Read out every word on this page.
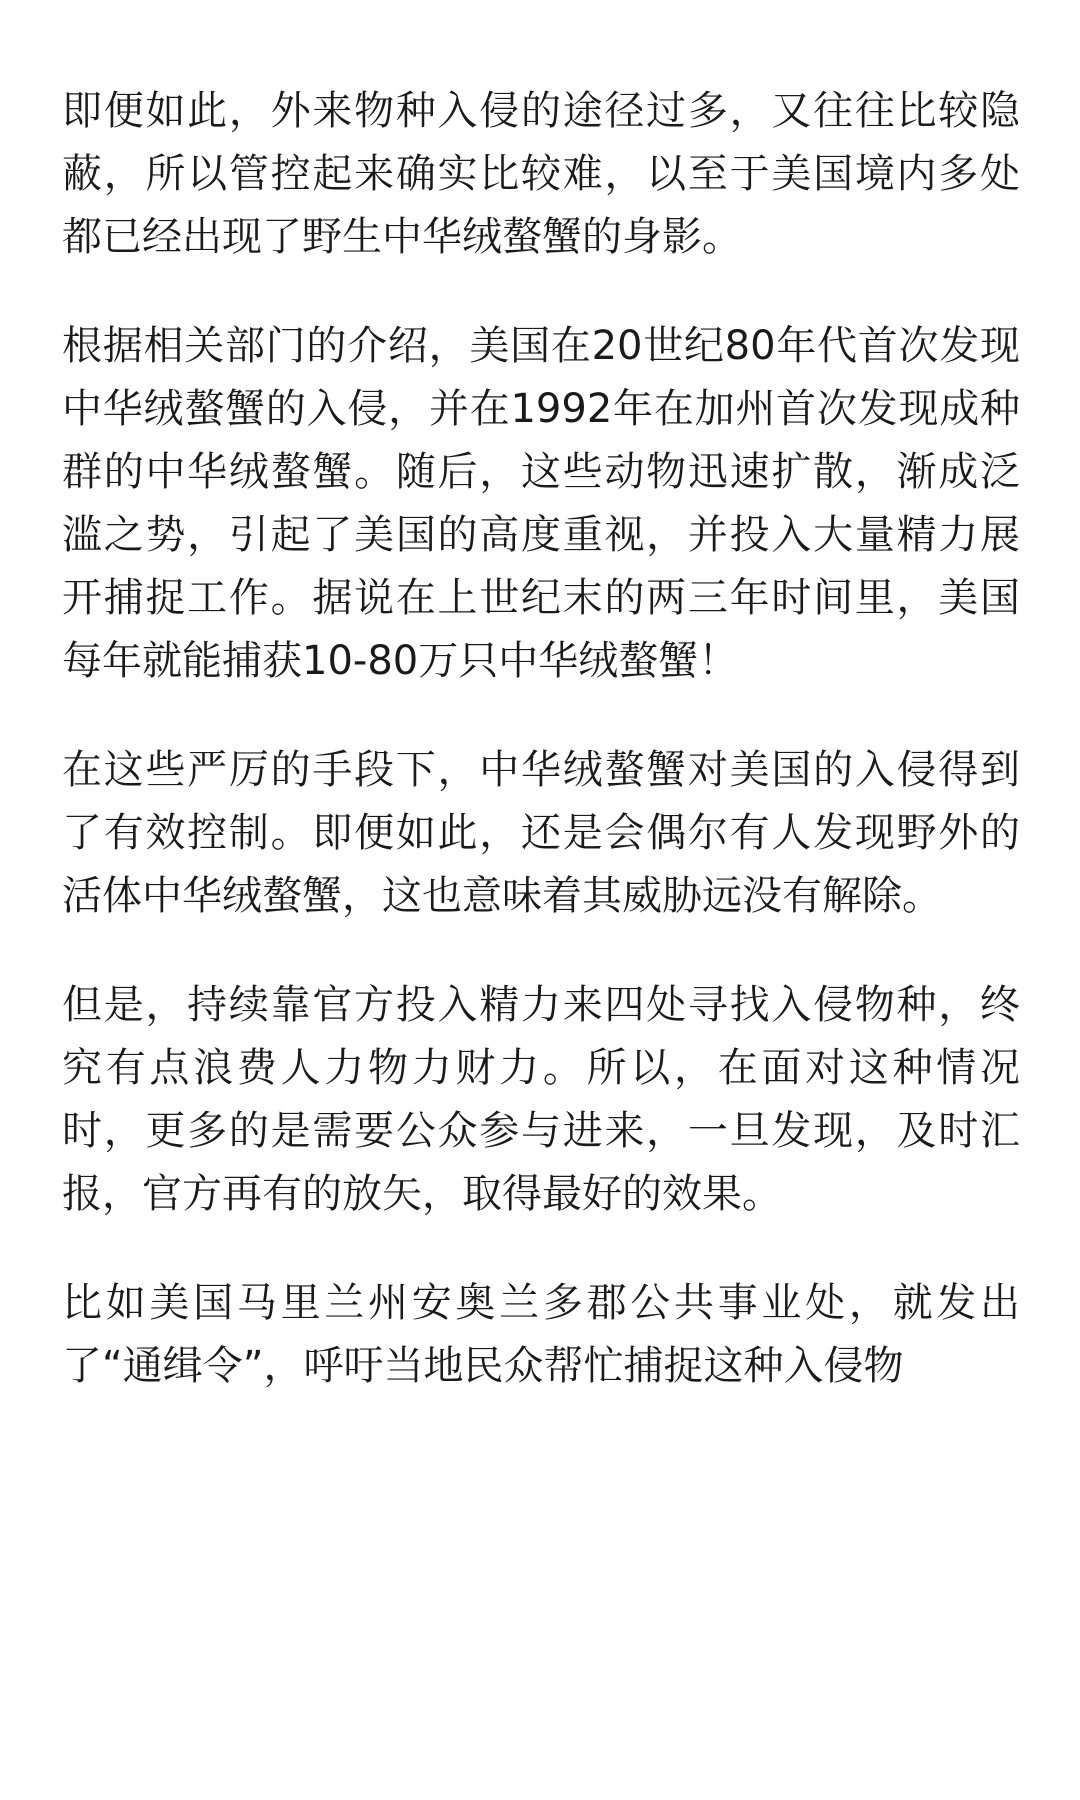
即便如此，外来物种入侵的途径过多，又往往比较隐蔽，所以管控起来确实比较难，以至于美国境内多处都已经出现了野生中华绒螯蟹的身影。

根据相关部门的介绍，美国在20世纪80年代首次发现中华绒螯蟹的入侵，并在1992年在加州首次发现成种群的中华绒螯蟹。随后，这些动物迅速扩散，渐成泛滥之势，引起了美国的高度重视，并投入大量精力展开捕捉工作。据说在上世纪末的两三年时间里，美国每年就能捕获10-80万只中华绒螯蟹！

在这些严厉的手段下，中华绒螯蟹对美国的入侵得到了有效控制。即便如此，还是会偶尔有人发现野外的活体中华绒螯蟹，这也意味着其威胁远没有解除。

但是，持续靠官方投入精力来四处寻找入侵物种，终究有点浪费人力物力财力。所以，在面对这种情况时，更多的是需要公众参与进来，一旦发现，及时汇报，官方再有的放矢，取得最好的效果。

比如美国马里兰州安奥兰多郡公共事业处，就发出了“通缉令”，呼吁当地民众帮忙捕捉这种入侵物
